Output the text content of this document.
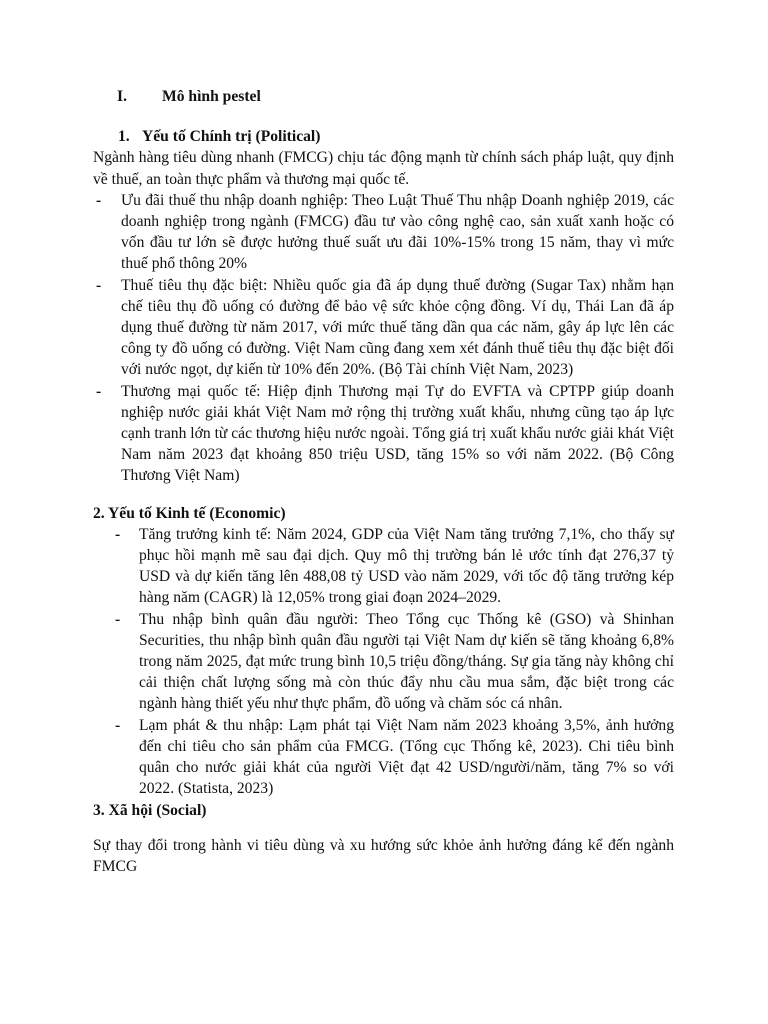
I.	Mô hình pestel
1. Yếu tố Chính trị (Political)
Ngành hàng tiêu dùng nhanh (FMCG) chịu tác động mạnh từ chính sách pháp luật, quy định về thuế, an toàn thực phẩm và thương mại quốc tế.
-	Ưu đãi thuế thu nhập doanh nghiệp: Theo Luật Thuế Thu nhập Doanh nghiệp 2019, các doanh nghiệp trong ngành (FMCG) đầu tư vào công nghệ cao, sản xuất xanh hoặc có vốn đầu tư lớn sẽ được hưởng thuế suất ưu đãi 10%-15% trong 15 năm, thay vì mức thuế phổ thông 20%
-	Thuế tiêu thụ đặc biệt: Nhiều quốc gia đã áp dụng thuế đường (Sugar Tax) nhằm hạn chế tiêu thụ đồ uống có đường để bảo vệ sức khỏe cộng đồng. Ví dụ, Thái Lan đã áp dụng thuế đường từ năm 2017, với mức thuế tăng dần qua các năm, gây áp lực lên các công ty đồ uống có đường. Việt Nam cũng đang xem xét đánh thuế tiêu thụ đặc biệt đối với nước ngọt, dự kiến từ 10% đến 20%. (Bộ Tài chính Việt Nam, 2023)
-	Thương mại quốc tế: Hiệp định Thương mại Tự do EVFTA và CPTPP giúp doanh nghiệp nước giải khát Việt Nam mở rộng thị trường xuất khẩu, nhưng cũng tạo áp lực cạnh tranh lớn từ các thương hiệu nước ngoài. Tổng giá trị xuất khẩu nước giải khát Việt Nam năm 2023 đạt khoảng 850 triệu USD, tăng 15% so với năm 2022. (Bộ Công Thương Việt Nam)
2. Yếu tố Kinh tế (Economic)
-	Tăng trưởng kinh tế: Năm 2024, GDP của Việt Nam tăng trưởng 7,1%, cho thấy sự phục hồi mạnh mẽ sau đại dịch. Quy mô thị trường bán lẻ ước tính đạt 276,37 tỷ USD và dự kiến tăng lên 488,08 tỷ USD vào năm 2029, với tốc độ tăng trưởng kép hàng năm (CAGR) là 12,05% trong giai đoạn 2024–2029.
-	Thu nhập bình quân đầu người: Theo Tổng cục Thống kê (GSO) và Shinhan Securities, thu nhập bình quân đầu người tại Việt Nam dự kiến sẽ tăng khoảng 6,8% trong năm 2025, đạt mức trung bình 10,5 triệu đồng/tháng. Sự gia tăng này không chỉ cải thiện chất lượng sống mà còn thúc đẩy nhu cầu mua sắm, đặc biệt trong các ngành hàng thiết yếu như thực phẩm, đồ uống và chăm sóc cá nhân.
-	Lạm phát & thu nhập: Lạm phát tại Việt Nam năm 2023 khoảng 3,5%, ảnh hưởng đến chi tiêu cho sản phẩm của FMCG. (Tổng cục Thống kê, 2023). Chi tiêu bình quân cho nước giải khát của người Việt đạt 42 USD/người/năm, tăng 7% so với 2022. (Statista, 2023)
3. Xã hội (Social)
Sự thay đổi trong hành vi tiêu dùng và xu hướng sức khỏe ảnh hưởng đáng kể đến ngành FMCG
